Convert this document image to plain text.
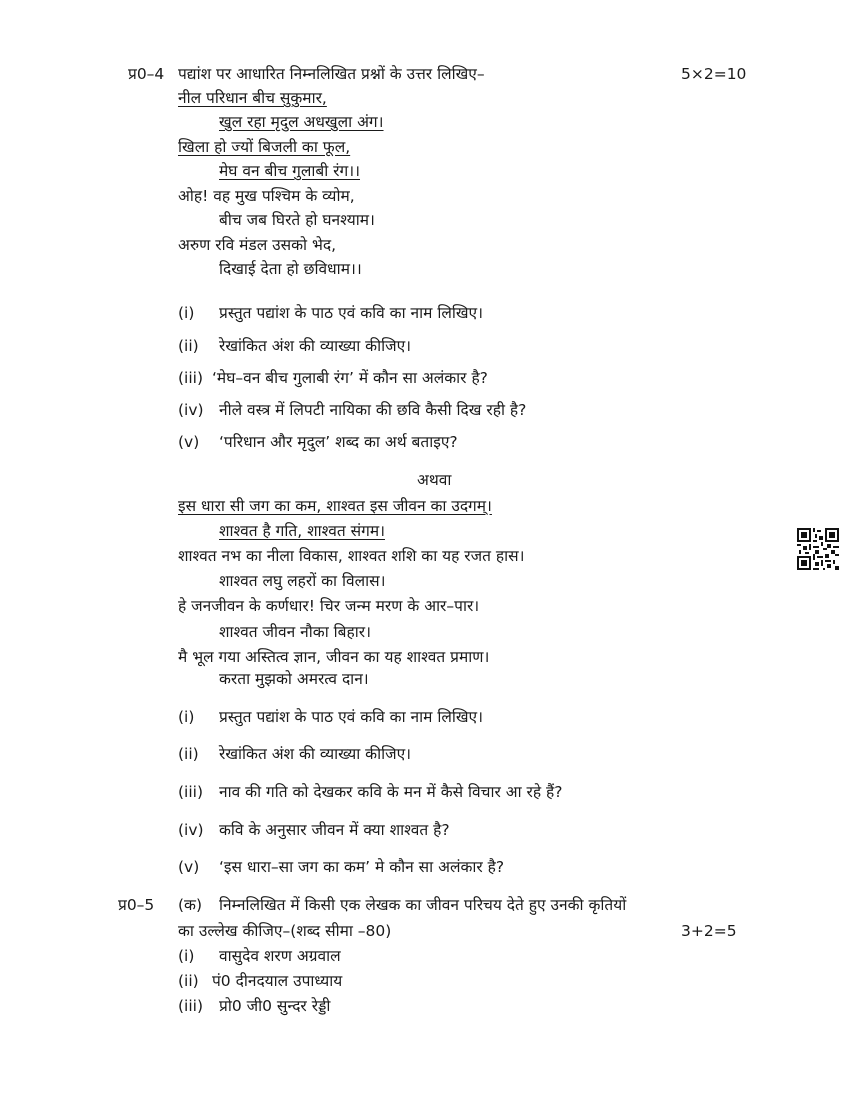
प्र0–4 पद्यांश पर आधारित निम्नलिखित प्रश्नों के उत्तर लिखिए–	5×2=10
नील परिधान बीच सुकुमार,
खुल रहा मृदुल अधखुला अंग।
खिला हो ज्यों बिजली का फूल,
मेघ वन बीच गुलाबी रंग।।
ओह! वह मुख पश्चिम के व्योम,
बीच जब घिरते हो घनश्याम।
अरुण रवि मंडल उसको भेद,
दिखाई देता हो छविधाम।।
(i) प्रस्तुत पद्यांश के पाठ एवं कवि का नाम लिखिए।
(ii) रेखांकित अंश की व्याख्या कीजिए।
(iii) ‘मेघ–वन बीच गुलाबी रंग’ में कौन सा अलंकार है?
(iv) नीले वस्त्र में लिपटी नायिका की छवि कैसी दिख रही है?
(v) ‘परिधान और मृदुल’ शब्द का अर्थ बताइए?
अथवा
इस धारा सी जग का कम, शाश्वत इस जीवन का उदगम्।
शाश्वत है गति, शाश्वत संगम।
शाश्वत नभ का नीला विकास, शाश्वत शशि का यह रजत हास।
शाश्वत लघु लहरों का विलास।
हे जनजीवन के कर्णधार! चिर जन्म मरण के आर–पार।
शाश्वत जीवन नौका बिहार।
मै भूल गया अस्तित्व ज्ञान, जीवन का यह शाश्वत प्रमाण।
करता मुझको अमरत्व दान।
(i) प्रस्तुत पद्यांश के पाठ एवं कवि का नाम लिखिए।
(ii) रेखांकित अंश की व्याख्या कीजिए।
(iii) नाव की गति को देखकर कवि के मन में कैसे विचार आ रहे हैं?
(iv) कवि के अनुसार जीवन में क्या शाश्वत है?
(v) ‘इस धारा–सा जग का कम’ मे कौन सा अलंकार है?
प्र0–5 (क) निम्नलिखित में किसी एक लेखक का जीवन परिचय देते हुए उनकी कृतियों
का उल्लेख कीजिए–(शब्द सीमा –80)	3+2=5
(i) वासुदेव शरण अग्रवाल
(ii) पं0 दीनदयाल उपाध्याय
(iii) प्रो0 जी0 सुन्दर रेड्डी
